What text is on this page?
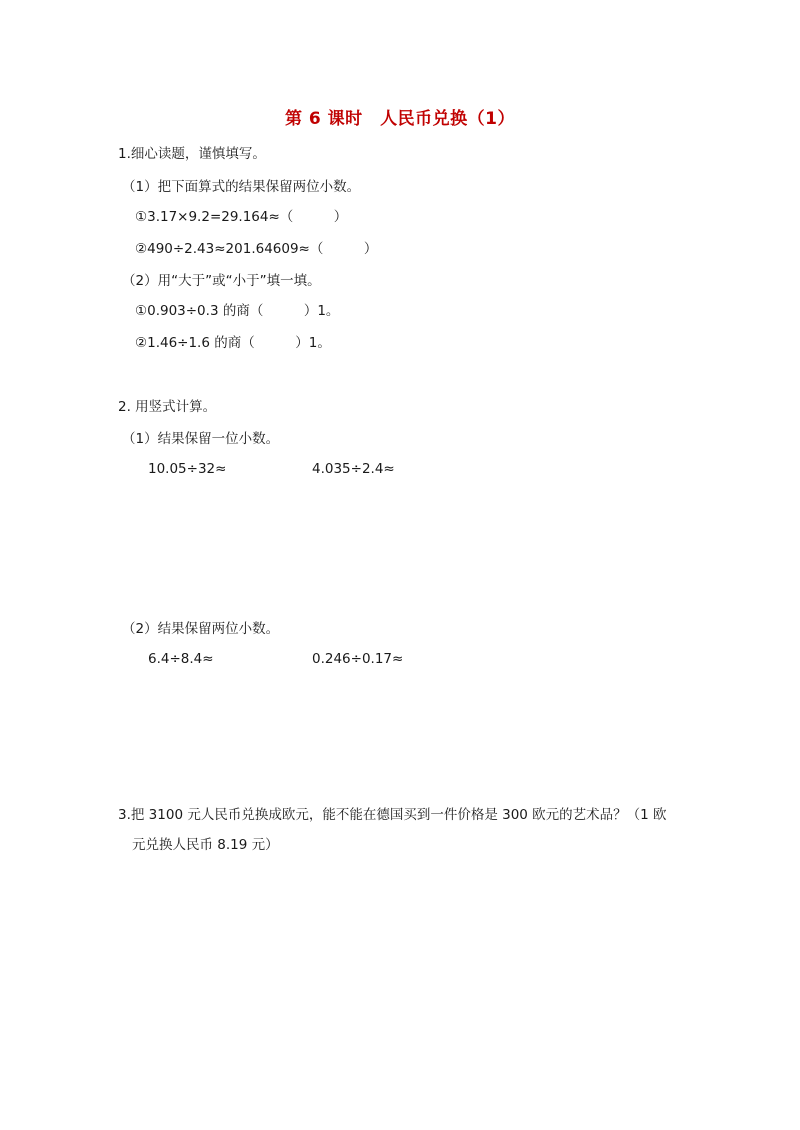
第 6 课时　人民币兑换（1）
1.细心读题，谨慎填写。
（1）把下面算式的结果保留两位小数。
①3.17×9.2=29.164≈（　　　）
②490÷2.43≈201.64609≈（　　　）
（2）用“大于”或“小于”填一填。
①0.903÷0.3 的商（　　　）1。
②1.46÷1.6 的商（　　　）1。
2. 用竖式计算。
（1）结果保留一位小数。
10.05÷32≈	4.035÷2.4≈
（2）结果保留两位小数。
6.4÷8.4≈	0.246÷0.17≈
3.把 3100 元人民币兑换成欧元，能不能在德国买到一件价格是 300 欧元的艺术品？（1 欧
元兑换人民币 8.19 元）
